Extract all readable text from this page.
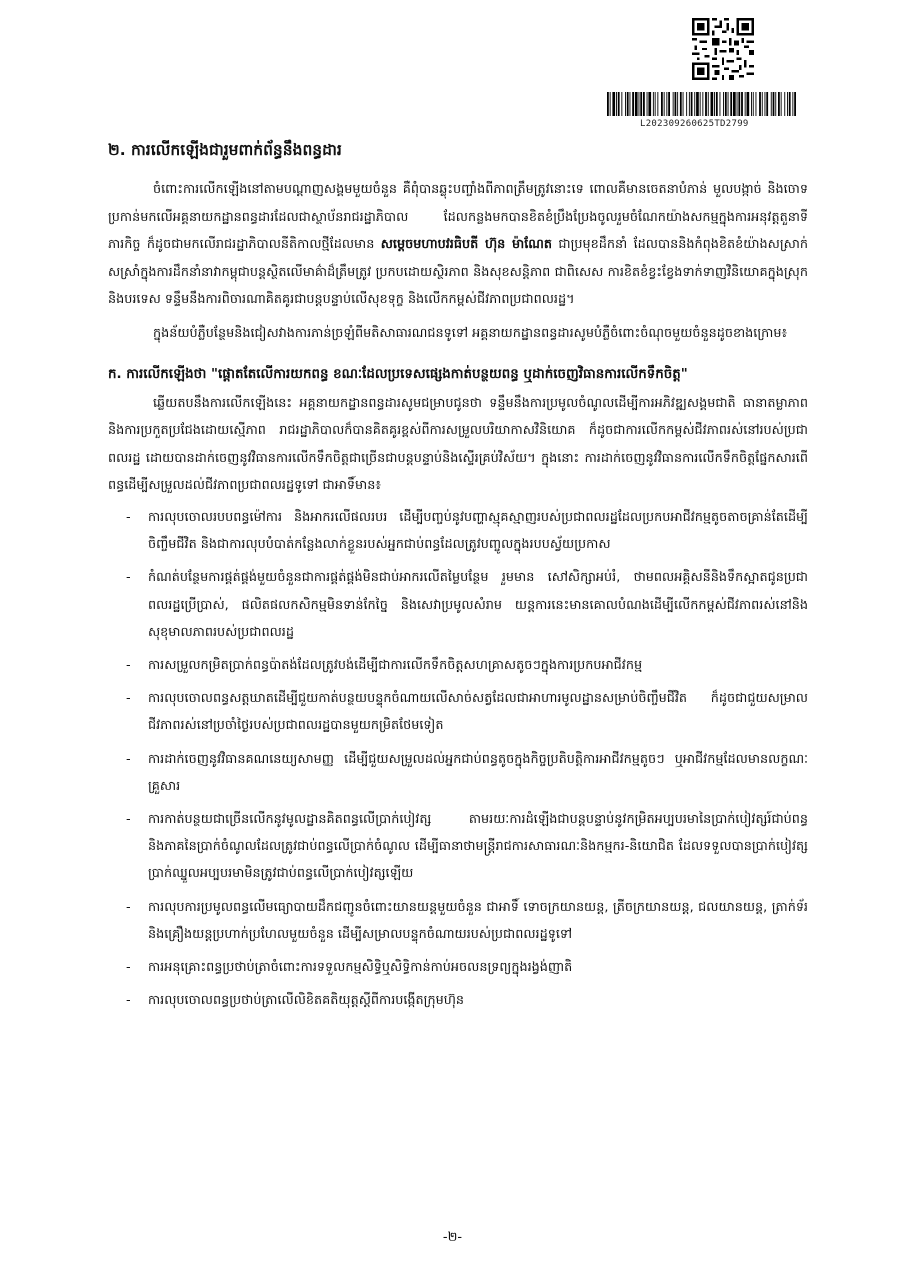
L202309260625TD2799
២. ការលើកឡើងជារួមពាក់ព័ន្ធនឹងពន្ធដារ

ចំពោះការលើកឡើងនៅតាមបណ្ដាញសង្គមមួយចំនួន គឺពុំបានឆ្លុះបញ្ចាំងពីភាពត្រឹមត្រូវនោះទេ ពោលគឺមានចេតនាបំភាន់ មួលបង្កាច់ និងចោទប្រកាន់មកលើអគ្គនាយកដ្ឋានពន្ធដារដែលជាស្ថាប័នរាជរដ្ឋាភិបាល ដែលកន្លងមកបានខិតខំប្រឹងប្រែងចូលរួមចំណែកយ៉ាងសកម្មក្នុងការអនុវត្តតួនាទីភារកិច្ច ក៏ដូចជាមកលើរាជរដ្ឋាភិបាលនីតិកាលថ្មីដែលមាន សម្តេចមហាបវរធិបតី ហ៊ុន ម៉ាណែត ជាប្រមុខដឹកនាំ ដែលបាននិងកំពុងខិតខំយ៉ាងសស្រាក់សស្រាំក្នុងការដឹកនាំនាវាកម្ពុជាបន្តស្ថិតលើមាគ៌ាដ៏ត្រឹមត្រូវ ប្រកបដោយស្ថិរភាព និងសុខសន្តិភាព ជាពិសេស ការខិតខំខ្វះខ្វែងទាក់ទាញវិនិយោគក្នុងស្រុកនិងបរទេស ទន្ទឹមនឹងការពិចារណាគិតគូរជាបន្តបន្ទាប់លើសុខទុក្ខ និងលើកកម្ពស់ជីវភាពប្រជាពលរដ្ឋ។

ក្នុងន័យបំភ្លឺបន្ថែមនិងជៀសវាងការភាន់ច្រឡំពីមតិសាធារណជនទូទៅ អគ្គនាយកដ្ឋានពន្ធដារសូមបំភ្លឺចំពោះចំណុចមួយចំនួនដូចខាងក្រោម៖

ក. ការលើកឡើងថា "ផ្តោតតែលើការយកពន្ធ ខណៈដែលប្រទេសផ្សេងកាត់បន្ថយពន្ធ ឬដាក់ចេញវិធានការលើកទឹកចិត្ត"

ឆ្លើយតបនឹងការលើកឡើងនេះ អគ្គនាយកដ្ឋានពន្ធដារសូមជម្រាបជូនថា ទន្ទឹមនឹងការប្រមូលចំណូលដើម្បីការអភិវឌ្ឍសង្គមជាតិ ធានាតម្លាភាព និងការប្រកួតប្រជែងដោយស្មើភាព រាជរដ្ឋាភិបាលក៏បានគិតគូរខ្ពស់ពីការសម្រួលបរិយាកាសវិនិយោគ ក៏ដូចជាការលើកកម្ពស់ជីវភាពរស់នៅរបស់ប្រជាពលរដ្ឋ ដោយបានដាក់ចេញនូវវិធានការលើកទឹកចិត្តជាច្រើនជាបន្តបន្ទាប់និងស្ទើរគ្រប់វិស័យ។ ក្នុងនោះ ការដាក់ចេញនូវវិធានការលើកទឹកចិត្តផ្នែកសារពើពន្ធដើម្បីសម្រួលដល់ជីវភាពប្រជាពលរដ្ឋទូទៅ ជាអាទិ៍មាន៖

- ការលុបចោលរបបពន្ធម៉ៅការ និងអាករលើផលរបរ ដើម្បីបញ្ចប់នូវបញ្ហាស្មុគស្មាញរបស់ប្រជាពលរដ្ឋដែលប្រកបអាជីវកម្មតូចតាចគ្រាន់តែដើម្បីចិញ្ចឹមជីវិត និងជាការលុបបំបាត់កន្លែងលាក់ខ្លួនរបស់អ្នកជាប់ពន្ធដែលត្រូវបញ្ចូលក្នុងរបបស្វ័យប្រកាស
- កំណត់បន្ថែមការផ្គត់ផ្គង់មួយចំនួនជាការផ្គត់ផ្គង់មិនជាប់អាករលើតម្លៃបន្ថែម រួមមាន សៅសិក្សាអប់រំ, ថាមពលអគ្គិសនីនិងទឹកស្អាតជូនប្រជាពលរដ្ឋប្រើប្រាស់, ផលិតផលកសិកម្មមិនទាន់កែច្នៃ និងសេវាប្រមូលសំរាម យន្តការនេះមានគោលបំណងដើម្បីលើកកម្ពស់ជីវភាពរស់នៅនិងសុខុមាលភាពរបស់ប្រជាពលរដ្ឋ
- ការសម្រួលកម្រិតប្រាក់ពន្ធប៉ាតង់ដែលត្រូវបង់ដើម្បីជាការលើកទឹកចិត្តសហគ្រាសតូចៗក្នុងការប្រកបអាជីវកម្ម
- ការលុបចោលពន្ធសត្តឃាតដើម្បីជួយកាត់បន្ថយបន្ទុកចំណាយលើសាច់សត្វដែលជាអាហារមូលដ្ឋានសម្រាប់ចិញ្ចឹមជីវិត ក៏ដូចជាជួយសម្រាលជីវភាពរស់នៅប្រចាំថ្ងៃរបស់ប្រជាពលរដ្ឋបានមួយកម្រិតថែមទៀត
- ការដាក់ចេញនូវវិធានគណនេយ្យសាមញ្ញ ដើម្បីជួយសម្រួលដល់អ្នកជាប់ពន្ធតូចក្នុងកិច្ចប្រតិបត្តិការអាជីវកម្មតូចៗ ឬអាជីវកម្មដែលមានលក្ខណៈគ្រួសារ
- ការកាត់បន្ថយជាច្រើនលើកនូវមូលដ្ឋានគិតពន្ធលើប្រាក់បៀវត្ស តាមរយៈការដំឡើងជាបន្តបន្ទាប់នូវកម្រិតអប្បបរមានៃប្រាក់បៀវត្សរ៍ជាប់ពន្ធ និងភាគនៃប្រាក់ចំណូលដែលត្រូវជាប់ពន្ធលើប្រាក់ចំណូល ដើម្បីធានាថាមន្ត្រីរាជការសាធារណៈនិងកម្មករ-និយោជិត ដែលទទួលបានប្រាក់បៀវត្សប្រាក់ឈ្នួលអប្បបរមាមិនត្រូវជាប់ពន្ធលើប្រាក់បៀវត្សឡើយ
- ការលុបការប្រមូលពន្ធលើមធ្យោបាយដឹកជញ្ជូនចំពោះយានយន្តមួយចំនួន ជាអាទិ៍ ទោចក្រយានយន្ត, ត្រីចក្រយានយន្ត, ជលយានយន្ត, ត្រាក់ទ័រ និងគ្រឿងយន្តប្រហាក់ប្រហែលមួយចំនួន ដើម្បីសម្រាលបន្ទុកចំណាយរបស់ប្រជាពលរដ្ឋទូទៅ
- ការអនុគ្រោះពន្ធប្រថាប់ត្រាចំពោះការទទួលកម្មសិទ្ធិឬសិទ្ធិកាន់កាប់អចលនទ្រព្យក្នុងរង្វង់ញាតិ
- ការលុបចោលពន្ធប្រថាប់ត្រាលើលិខិតគតិយុត្តស្តីពីការបង្កើតក្រុមហ៊ុន
-២-
